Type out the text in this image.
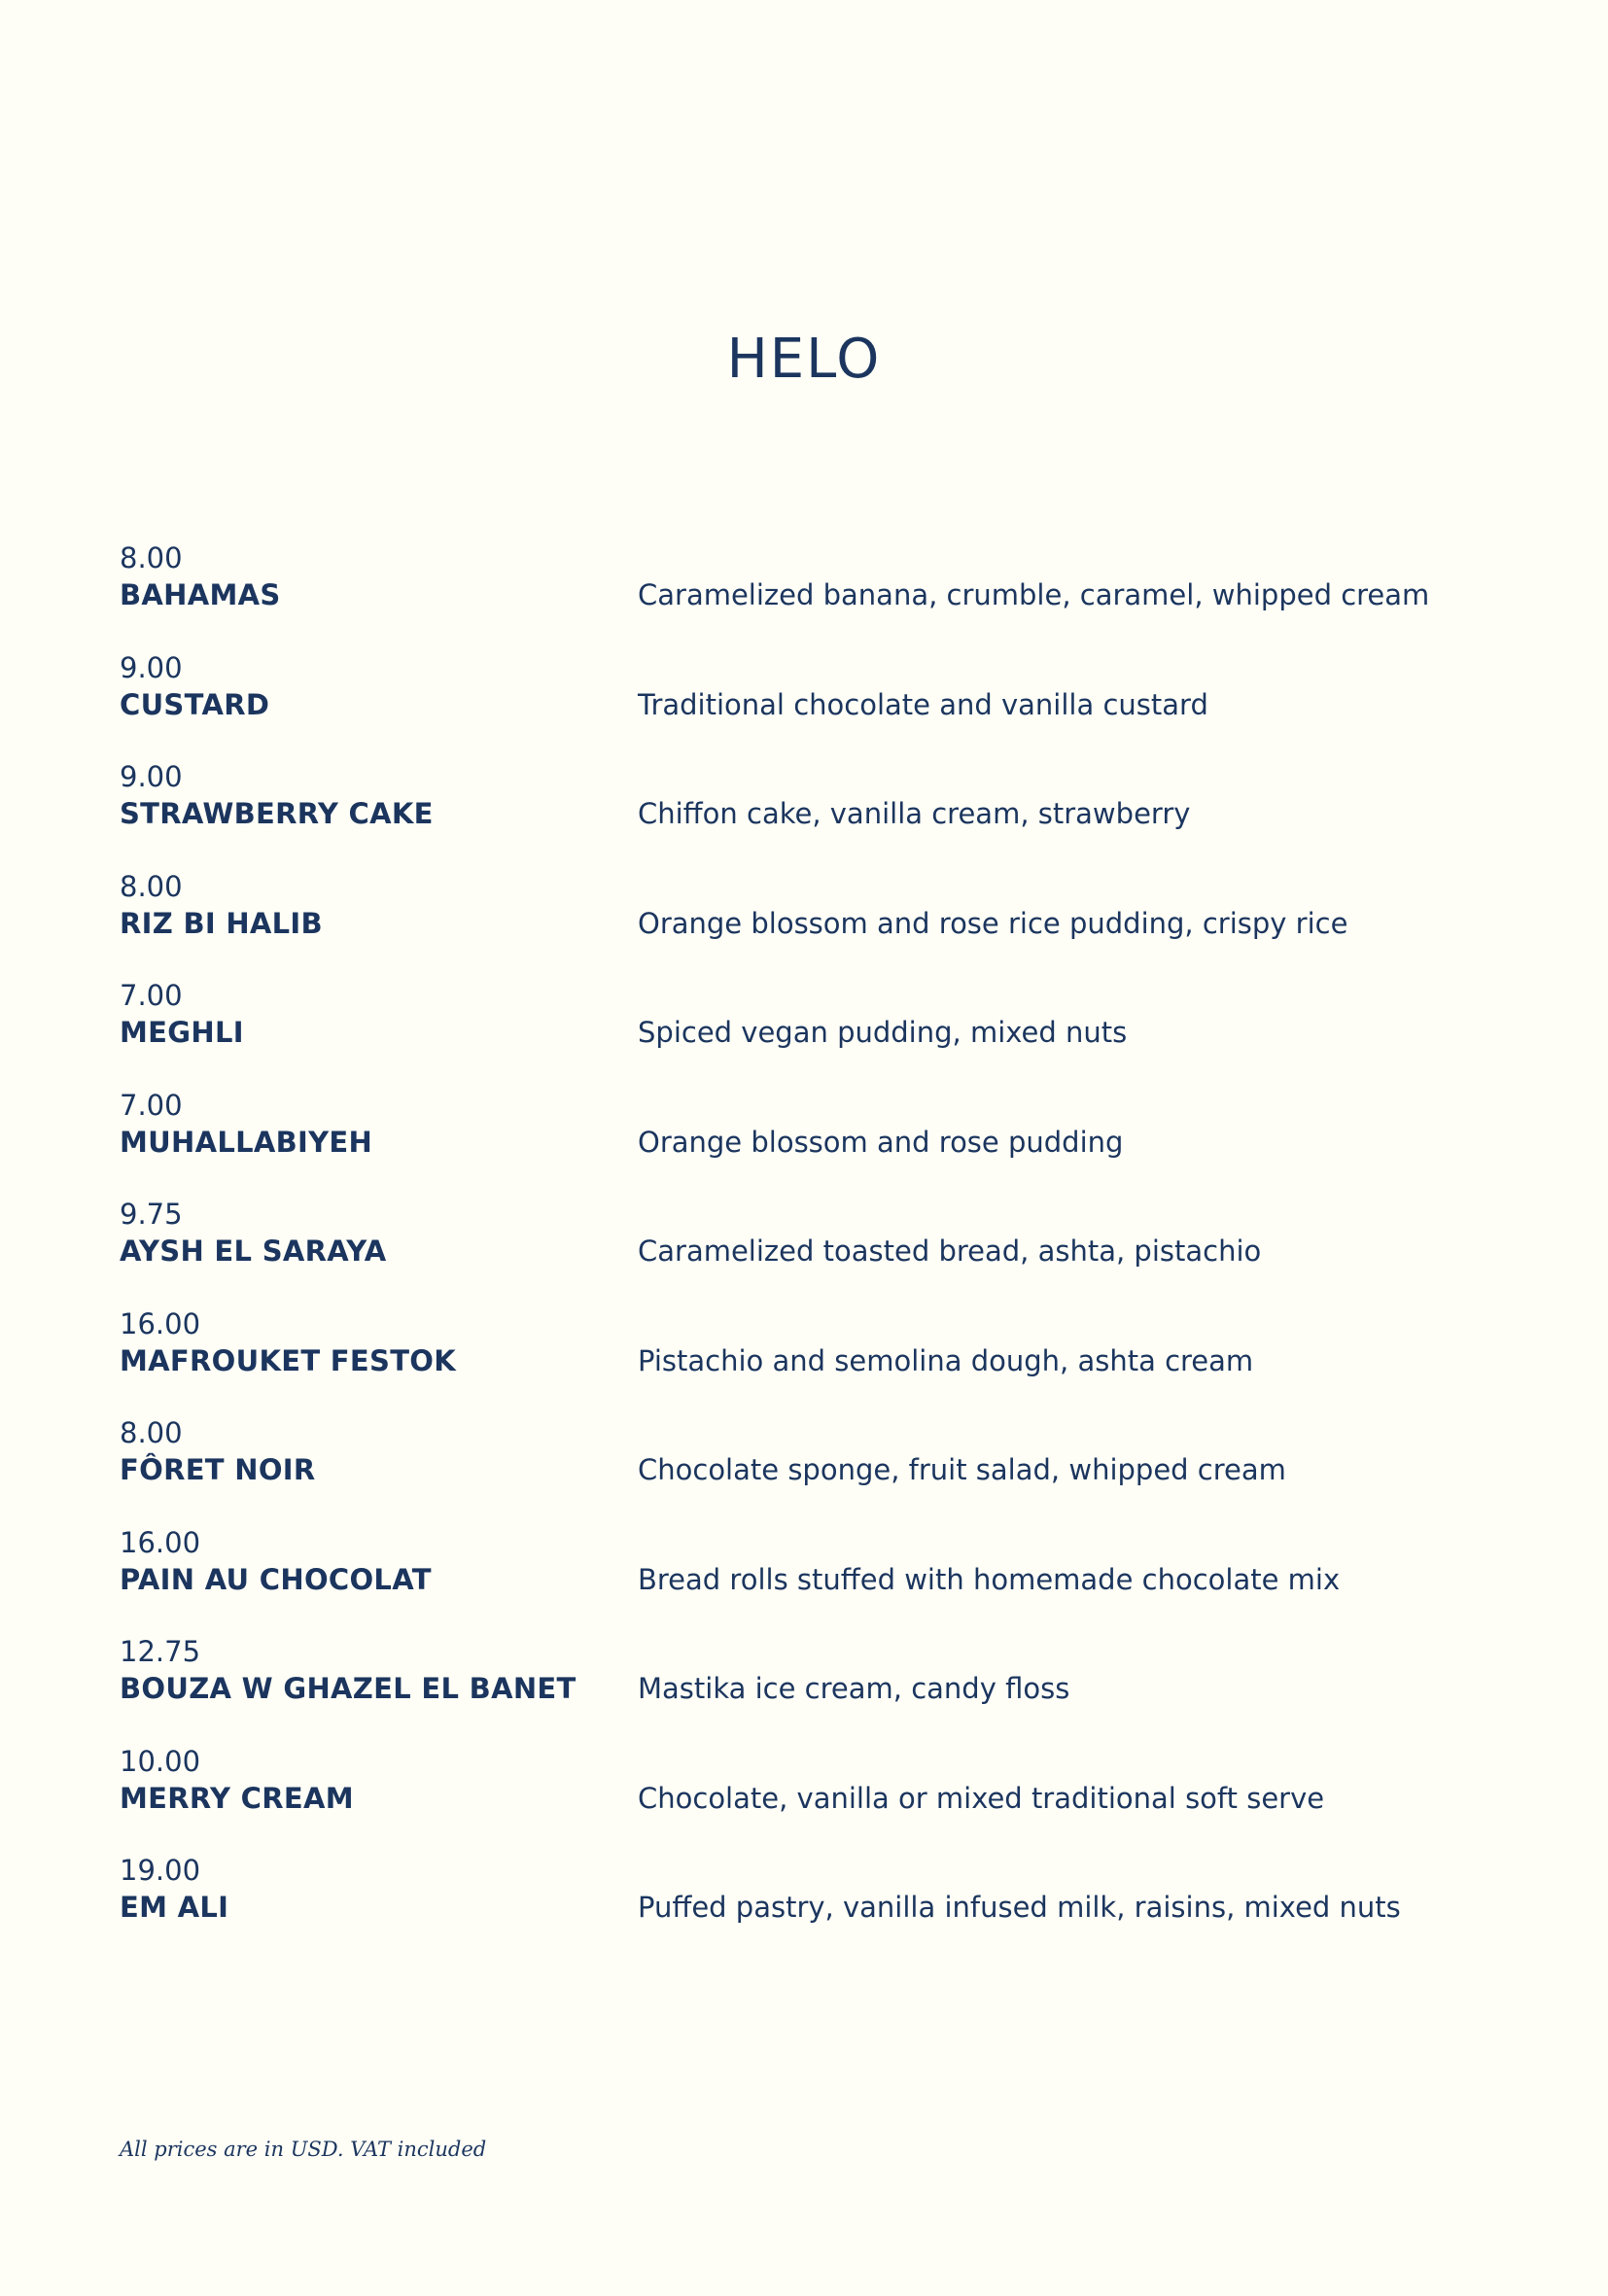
HELO
8.00
BAHAMAS	Caramelized banana, crumble, caramel, whipped cream
9.00
CUSTARD	Traditional chocolate and vanilla custard
9.00
STRAWBERRY CAKE	Chiffon cake, vanilla cream, strawberry
8.00
RIZ BI HALIB	Orange blossom and rose rice pudding, crispy rice
7.00
MEGHLI	Spiced vegan pudding, mixed nuts
7.00
MUHALLABIYEH	Orange blossom and rose pudding
9.75
AYSH EL SARAYA	Caramelized toasted bread, ashta, pistachio
16.00
MAFROUKET FESTOK	Pistachio and semolina dough, ashta cream
8.00
FÔRET NOIR	Chocolate sponge, fruit salad, whipped cream
16.00
PAIN AU CHOCOLAT	Bread rolls stuffed with homemade chocolate mix
12.75
BOUZA W GHAZEL EL BANET Mastika ice cream, candy floss
10.00
MERRY CREAM	Chocolate, vanilla or mixed traditional soft serve
19.00
EM ALI	Puffed pastry, vanilla infused milk, raisins, mixed nuts
All prices are in USD. VAT included
